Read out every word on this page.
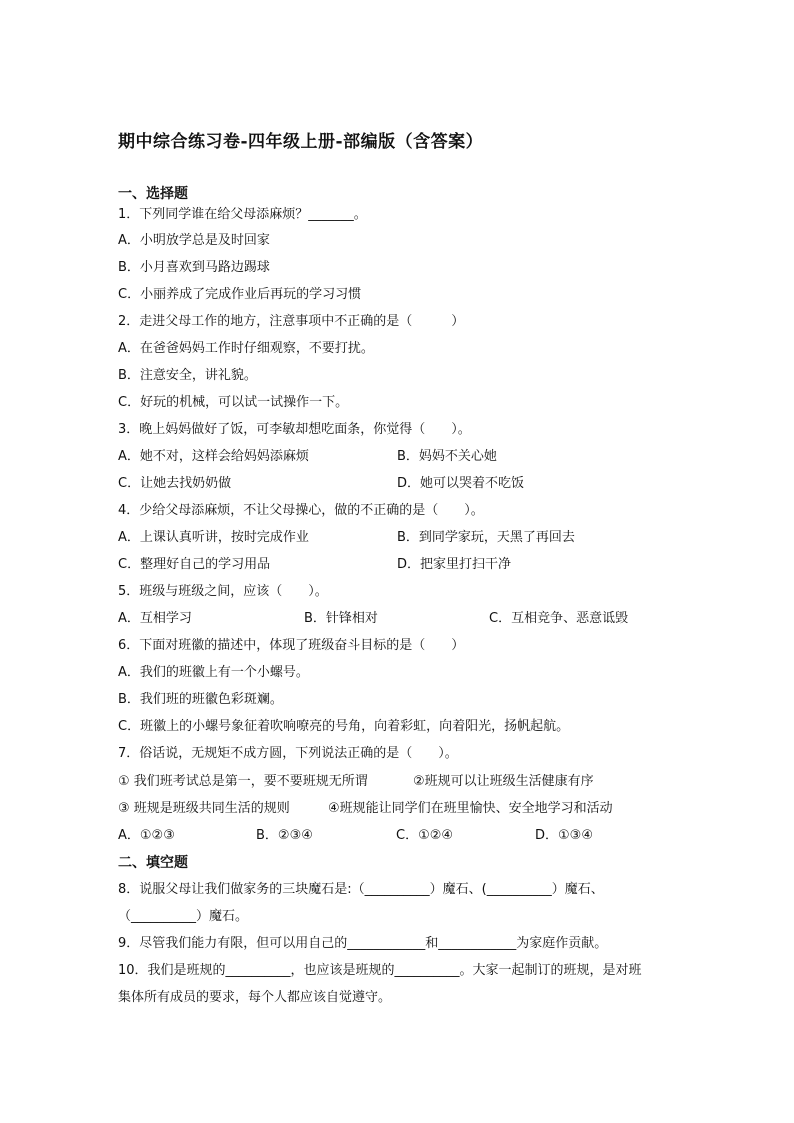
期中综合练习卷-四年级上册-部编版（含答案）
一、选择题
1．下列同学谁在给父母添麻烦？_______。
A．小明放学总是及时回家
B．小月喜欢到马路边踢球
C．小丽养成了完成作业后再玩的学习习惯
2．走进父母工作的地方，注意事项中不正确的是（　　　）
A．在爸爸妈妈工作时仔细观察，不要打扰。
B．注意安全，讲礼貌。
C．好玩的机械，可以试一试操作一下。
3．晚上妈妈做好了饭，可李敏却想吃面条，你觉得（　　）。
A．她不对，这样会给妈妈添麻烦	B．妈妈不关心她
C．让她去找奶奶做	D．她可以哭着不吃饭
4．少给父母添麻烦，不让父母操心，做的不正确的是（　　）。
A．上课认真听讲，按时完成作业	B．到同学家玩，天黑了再回去
C．整理好自己的学习用品	D．把家里打扫干净
5．班级与班级之间，应该（　　）。
A．互相学习	B．针锋相对	C．互相竞争、恶意诋毁
6．下面对班徽的描述中，体现了班级奋斗目标的是（　　）
A．我们的班徽上有一个小螺号。
B．我们班的班徽色彩斑斓。
C．班徽上的小螺号象征着吹响嘹亮的号角，向着彩虹，向着阳光，扬帆起航。
7．俗话说，无规矩不成方圆，下列说法正确的是（　　）。
① 我们班考试总是第一，要不要班规无所谓	②班规可以让班级生活健康有序
③ 班规是班级共同生活的规则	④班规能让同学们在班里愉快、安全地学习和活动
A．①②③	B．②③④	C．①②④	D．①③④
二、填空题
8．说服父母让我们做家务的三块魔石是:（__________）魔石、(__________）魔石、
（__________）魔石。
9．尽管我们能力有限，但可以用自己的____________和____________为家庭作贡献。
10．我们是班规的__________，也应该是班规的__________。大家一起制订的班规，是对班
集体所有成员的要求，每个人都应该自觉遵守。
